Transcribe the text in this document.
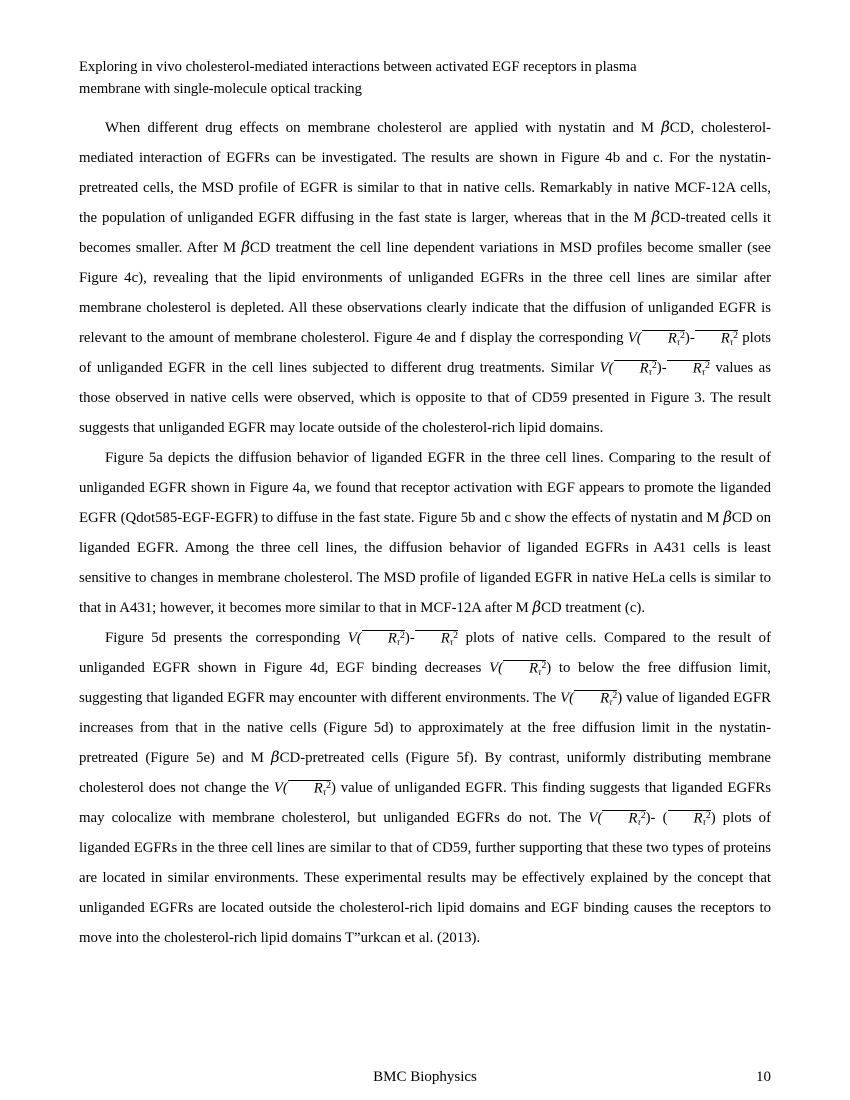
Exploring in vivo cholesterol-mediated interactions between activated EGF receptors in plasma
membrane with single-molecule optical tracking

When different drug effects on membrane cholesterol are applied with nystatin and M βCD, cholesterol-mediated interaction of EGFRs can be investigated. The results are shown in Figure 4b and c. For the nystatin-pretreated cells, the MSD profile of EGFR is similar to that in native cells. Remarkably in native MCF-12A cells, the population of unliganded EGFR diffusing in the fast state is larger, whereas that in the M βCD-treated cells it becomes smaller. After M βCD treatment the cell line dependent variations in MSD profiles become smaller (see Figure 4c), revealing that the lipid environments of unliganded EGFRs in the three cell lines are similar after membrane cholesterol is depleted. All these observations clearly indicate that the diffusion of unliganded EGFR is relevant to the amount of membrane cholesterol. Figure 4e and f display the corresponding V( $R_\tau^2)-$ $R_\tau^2$ plots of unliganded EGFR in the cell lines subjected to different drug treatments. Similar V( $R_\tau^2)-$ $R_\tau^2$ values as those observed in native cells were observed, which is opposite to that of CD59 presented in Figure 3. The result suggests that unliganded EGFR may locate outside of the cholesterol-rich lipid domains.

Figure 5a depicts the diffusion behavior of liganded EGFR in the three cell lines. Comparing to the result of unliganded EGFR shown in Figure 4a, we found that receptor activation with EGF appears to promote the liganded EGFR (Qdot585-EGF-EGFR) to diffuse in the fast state. Figure 5b and c show the effects of nystatin and M βCD on liganded EGFR. Among the three cell lines, the diffusion behavior of liganded EGFRs in A431 cells is least sensitive to changes in membrane cholesterol. The MSD profile of liganded EGFR in native HeLa cells is similar to that in A431; however, it becomes more similar to that in MCF-12A after M βCD treatment (c).

Figure 5d presents the corresponding V( $R_\tau^2)-$ $R_\tau^2$ plots of native cells. Compared to the result of unliganded EGFR shown in Figure 4d, EGF binding decreases V( $R_\tau^2$) to below the free diffusion limit, suggesting that liganded EGFR may encounter with different environments. The V( $R_\tau^2$) value of liganded EGFR increases from that in the native cells (Figure 5d) to approximately at the free diffusion limit in the nystatin-pretreated (Figure 5e) and M βCD-pretreated cells (Figure 5f). By contrast, uniformly distributing membrane cholesterol does not change the V( $R_\tau^2$) value of unliganded EGFR. This finding suggests that liganded EGFRs may colocalize with membrane cholesterol, but unliganded EGFRs do not. The V( $R_\tau^2)-$ ( $R_\tau^2$) plots of liganded EGFRs in the three cell lines are similar to that of CD59, further supporting that these two types of proteins are located in similar environments. These experimental results may be effectively explained by the concept that unliganded EGFRs are located outside the cholesterol-rich lipid domains and EGF binding causes the receptors to move into the cholesterol-rich lipid domains T”urkcan et al. (2013).

BMC Biophysics	10
